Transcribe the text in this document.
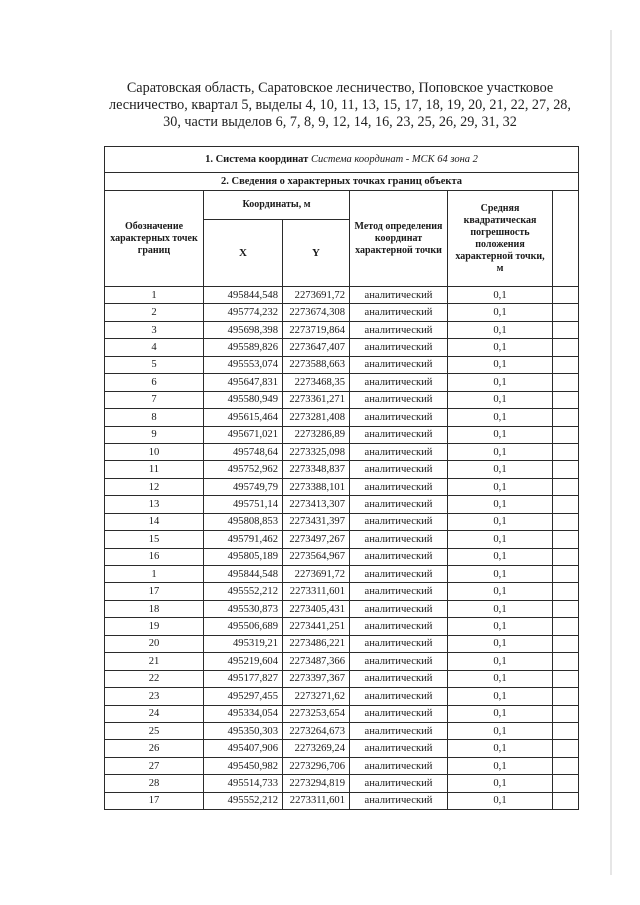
Саратовская область, Саратовское лесничество, Поповское участковое
лесничество, квартал 5, выделы 4, 10, 11, 13, 15, 17, 18, 19, 20, 21, 22, 27, 28,
30, части выделов 6, 7, 8, 9, 12, 14, 16, 23, 25, 26, 29, 31, 32
1. Система координат Система координат - МСК 64 зона 2					
2. Сведения о характерных точках границ объекта					
Обозначение характерных точек границ	Координаты, м		Метод определения координат характерной точки	Средняя квадратическая погрешность положения характерной точки, м	
	X	Y			
1	495844,548	2273691,72	аналитический	0,1	
2	495774,232	2273674,308	аналитический	0,1	
3	495698,398	2273719,864	аналитический	0,1	
4	495589,826	2273647,407	аналитический	0,1	
5	495553,074	2273588,663	аналитический	0,1	
6	495647,831	2273468,35	аналитический	0,1	
7	495580,949	2273361,271	аналитический	0,1	
8	495615,464	2273281,408	аналитический	0,1	
9	495671,021	2273286,89	аналитический	0,1	
10	495748,64	2273325,098	аналитический	0,1	
11	495752,962	2273348,837	аналитический	0,1	
12	495749,79	2273388,101	аналитический	0,1	
13	495751,14	2273413,307	аналитический	0,1	
14	495808,853	2273431,397	аналитический	0,1	
15	495791,462	2273497,267	аналитический	0,1	
16	495805,189	2273564,967	аналитический	0,1	
1	495844,548	2273691,72	аналитический	0,1	
17	495552,212	2273311,601	аналитический	0,1	
18	495530,873	2273405,431	аналитический	0,1	
19	495506,689	2273441,251	аналитический	0,1	
20	495319,21	2273486,221	аналитический	0,1	
21	495219,604	2273487,366	аналитический	0,1	
22	495177,827	2273397,367	аналитический	0,1	
23	495297,455	2273271,62	аналитический	0,1	
24	495334,054	2273253,654	аналитический	0,1	
25	495350,303	2273264,673	аналитический	0,1	
26	495407,906	2273269,24	аналитический	0,1	
27	495450,982	2273296,706	аналитический	0,1	
28	495514,733	2273294,819	аналитический	0,1	
17	495552,212	2273311,601	аналитический	0,1	
